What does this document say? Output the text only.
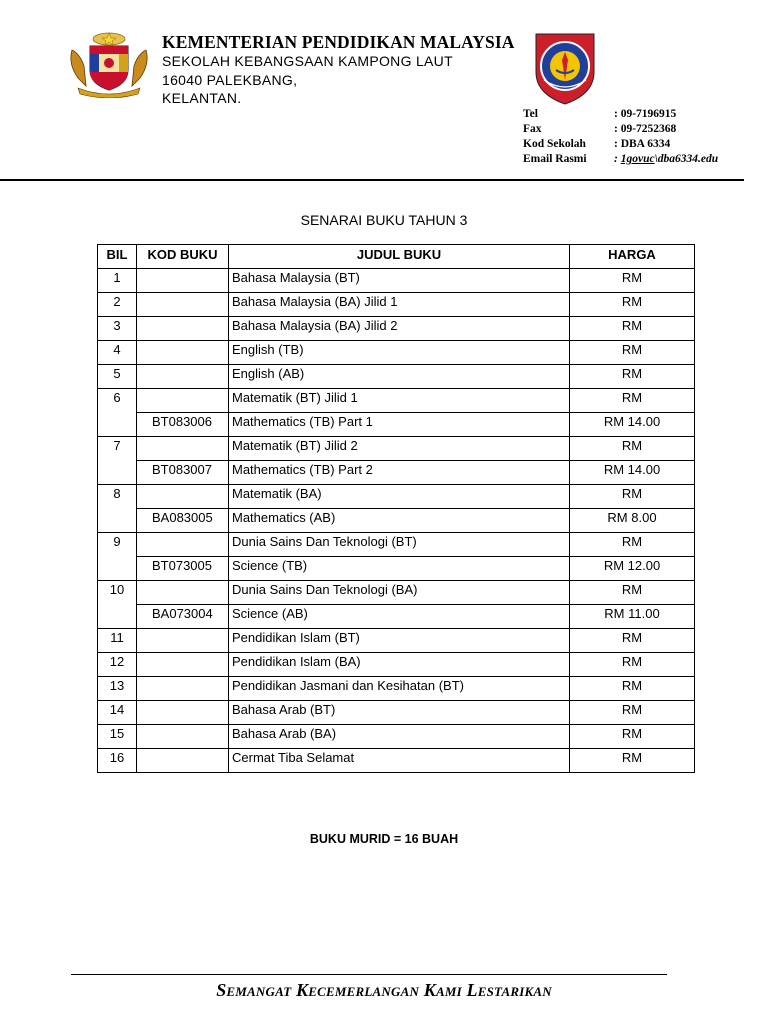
KEMENTERIAN PENDIDIKAN MALAYSIA
SEKOLAH KEBANGSAAN KAMPONG LAUT
16040 PALEKBANG,
KELANTAN.
Tel	: 09-7196915
Fax	: 09-7252368
Kod Sekolah	: DBA 6334
Email Rasmi	: 1govuc\dba6334.edu
SENARAI BUKU TAHUN 3
BIL	KOD BUKU	JUDUL BUKU	HARGA
1		Bahasa Malaysia (BT)	RM
2		Bahasa Malaysia (BA) Jilid 1	RM
3		Bahasa Malaysia (BA) Jilid 2	RM
4		English (TB)	RM
5		English (AB)	RM
6		Matematik (BT) Jilid 1	RM
	BT083006	Mathematics (TB) Part 1	RM 14.00
7		Matematik (BT) Jilid 2	RM
	BT083007	Mathematics (TB) Part 2	RM 14.00
8		Matematik (BA)	RM
	BA083005	Mathematics (AB)	RM 8.00
9		Dunia Sains Dan Teknologi (BT)	RM
	BT073005	Science (TB)	RM 12.00
10		Dunia Sains Dan Teknologi (BA)	RM
	BA073004	Science (AB)	RM 11.00
11		Pendidikan Islam (BT)	RM
12		Pendidikan Islam (BA)	RM
13		Pendidikan Jasmani dan Kesihatan (BT)	RM
14		Bahasa Arab (BT)	RM
15		Bahasa Arab (BA)	RM
16		Cermat Tiba Selamat	RM
BUKU MURID = 16 BUAH
Semangat Kecemerlangan Kami Lestarikan
